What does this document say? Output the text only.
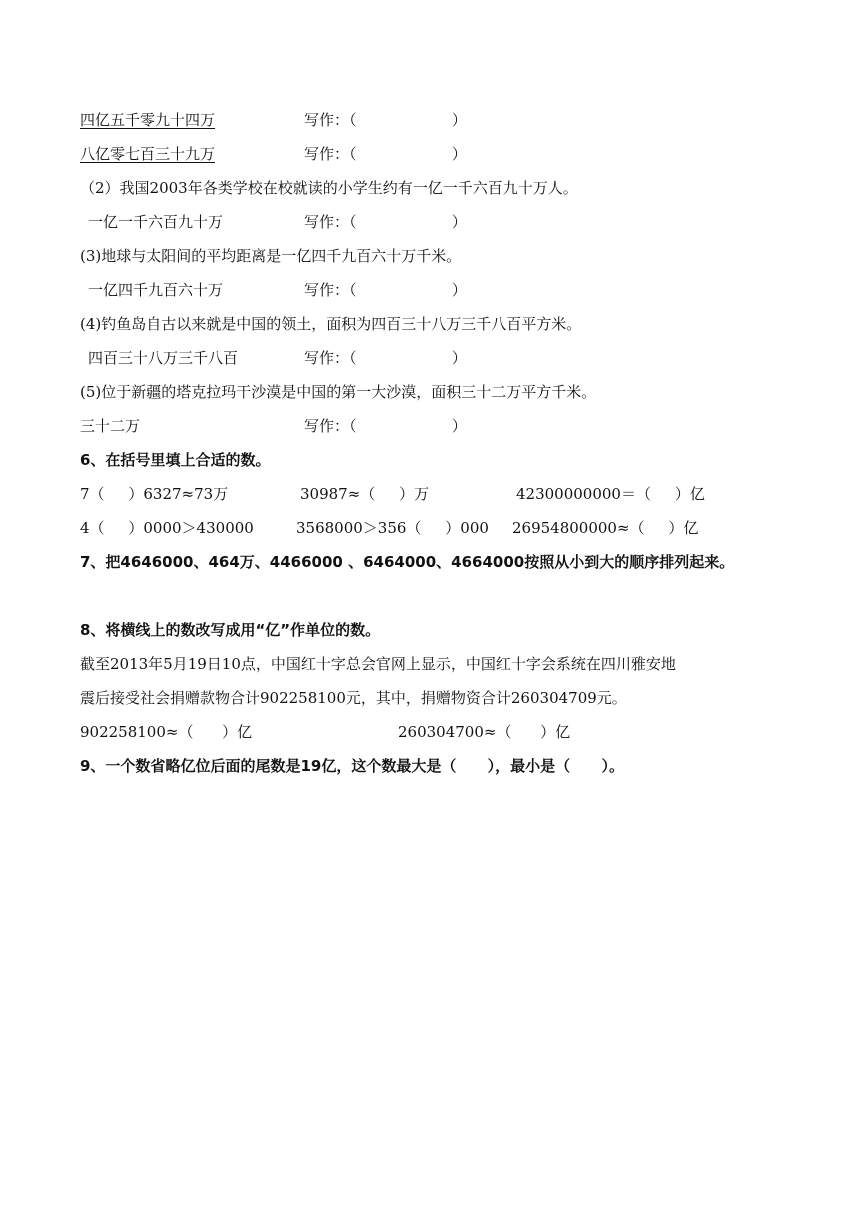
四亿五千零九十四万	写作：（                    ）
八亿零七百三十九万	写作：（                    ）
（2）我国2003年各类学校在校就读的小学生约有一亿一千六百九十万人。
一亿一千六百九十万	写作：（                    ）
(3)地球与太阳间的平均距离是一亿四千九百六十万千米。
一亿四千九百六十万	写作：（                    ）
(4)钓鱼岛自古以来就是中国的领土，面积为四百三十八万三千八百平方米。
四百三十八万三千八百	写作：（                    ）
(5)位于新疆的塔克拉玛干沙漠是中国的第一大沙漠，面积三十二万平方千米。
三十二万	写作：（                    ）
6、在括号里填上合适的数。
7（     ）6327≈73万	30987≈（     ）万	42300000000＝（     ）亿
4（     ）0000＞430000	3568000＞356（     ）000 26954800000≈（     ）亿
7、把4646000、464万、4466000 、6464000、4664000按照从小到大的顺序排列起来。
8、将横线上的数改写成用“亿”作单位的数。
截至2013年5月19日10点，中国红十字总会官网上显示，中国红十字会系统在四川雅安地
震后接受社会捐赠款物合计902258100元，其中，捐赠物资合计260304709元。
902258100≈（      ）亿	260304700≈（      ）亿
9、一个数省略亿位后面的尾数是19亿，这个数最大是（      ），最小是（      ）。
